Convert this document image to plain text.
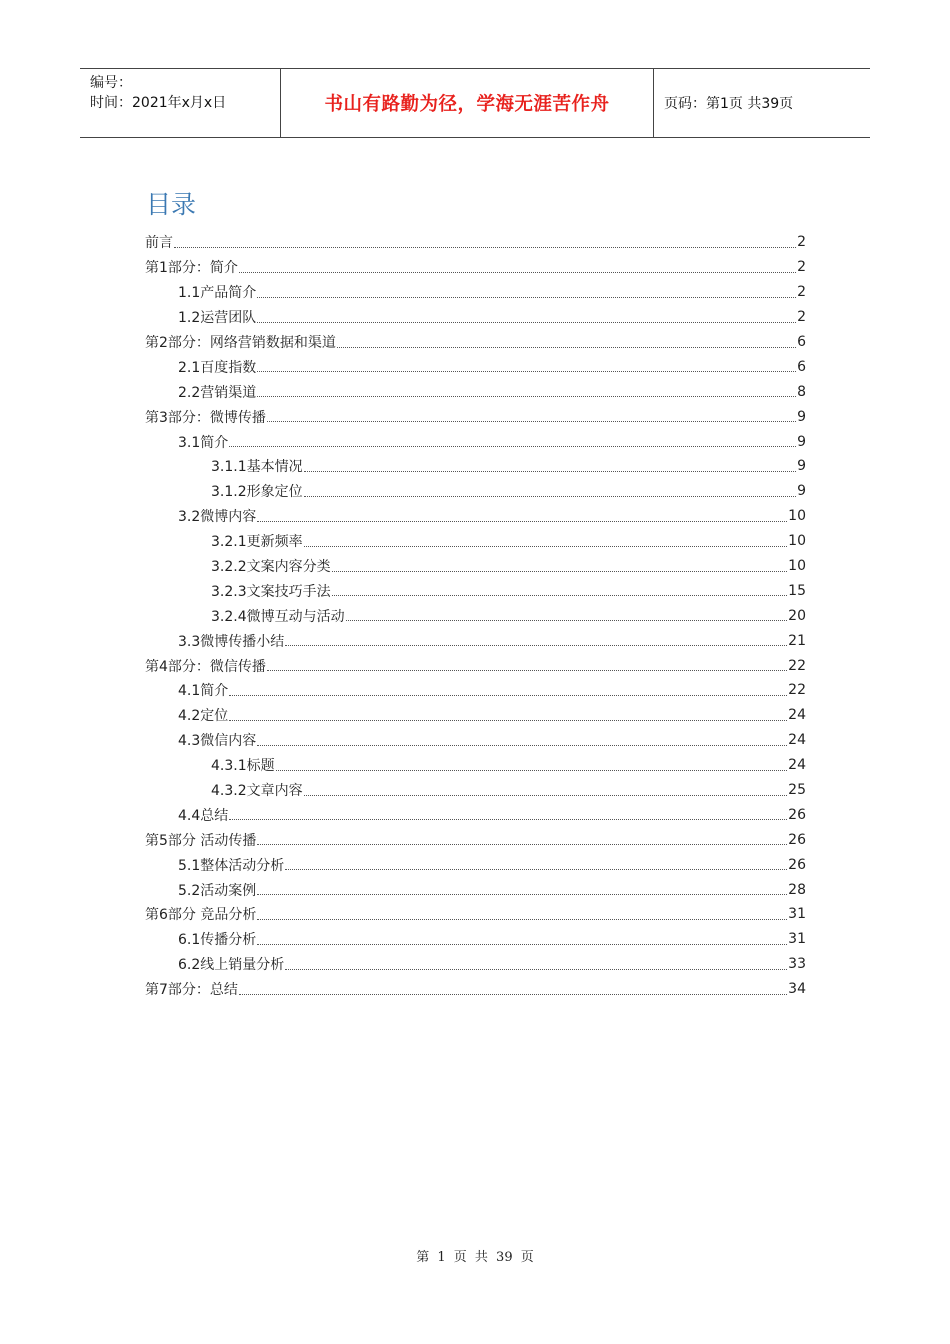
编号：
时间：2021年x月x日	书山有路勤为径，学海无涯苦作舟	页码：第1页 共39页
目录
前言	2
第1部分：简介	2
1.1产品简介	2
1.2运营团队	2
第2部分：网络营销数据和渠道	6
2.1百度指数	6
2.2营销渠道	8
第3部分：微博传播	9
3.1简介	9
3.1.1基本情况	9
3.1.2形象定位	9
3.2微博内容	10
3.2.1更新频率	10
3.2.2文案内容分类	10
3.2.3文案技巧手法	15
3.2.4微博互动与活动	20
3.3微博传播小结	21
第4部分：微信传播	22
4.1简介	22
4.2定位	24
4.3微信内容	24
4.3.1标题	24
4.3.2文章内容	25
4.4总结	26
第5部分 活动传播	26
5.1整体活动分析	26
5.2活动案例	28
第6部分 竞品分析	31
6.1传播分析	31
6.2线上销量分析	33
第7部分：总结	34
第 1 页 共 39 页
